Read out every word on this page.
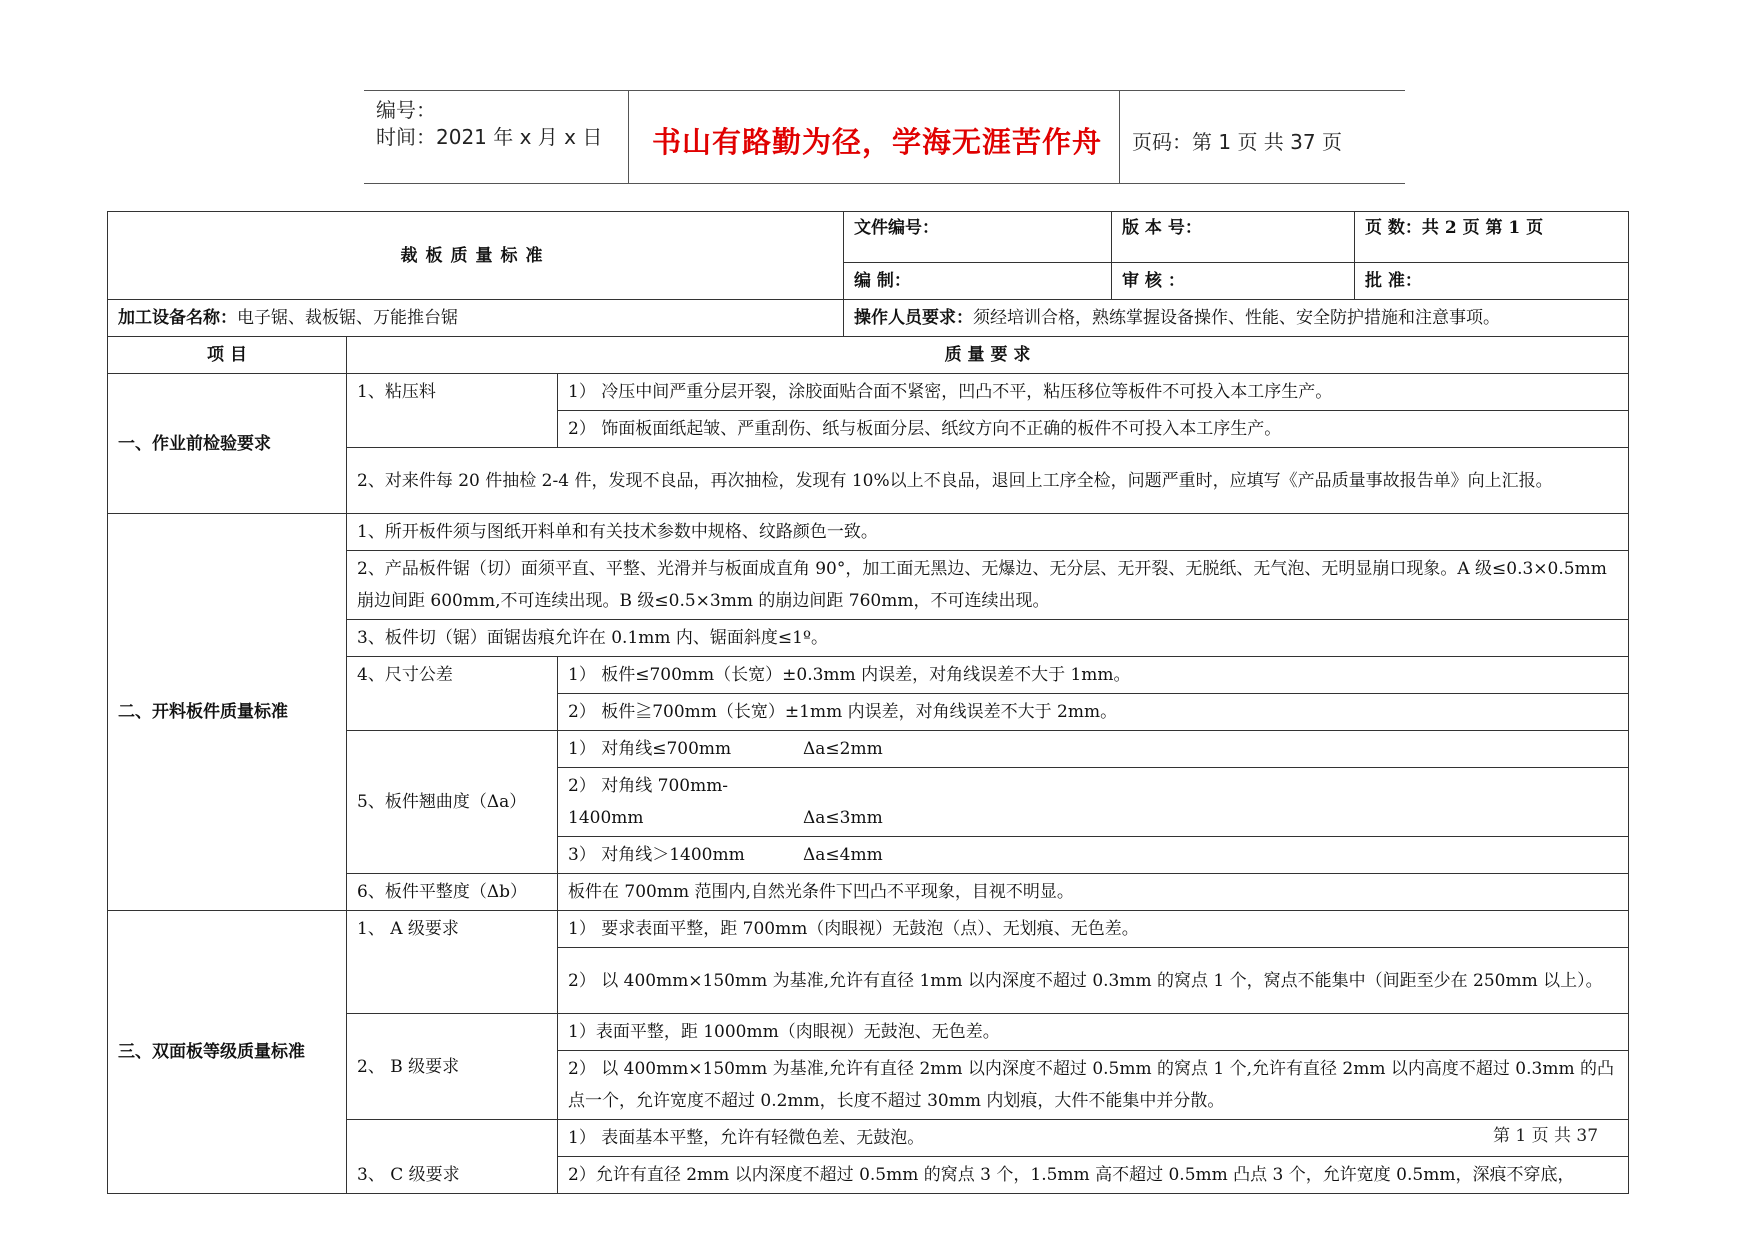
编号：
时间：2021 年 x 月 x 日 书山有路勤为径，学海无涯苦作舟 页码：第 1 页 共 37 页
裁板质量标准			文件编号：	版 本 号：	页 数：共 2 页 第 1 页
			编 制：	审 核 ：	批 准：
加工设备名称：电子锯、裁板锯、万能推台锯			操作人员要求：须经培训合格，熟练掌握设备操作、性能、安全防护措施和注意事项。		
项 目	质 量 要 求				
一、作业前检验要求	1、粘压料	1） 冷压中间严重分层开裂，涂胶面贴合面不紧密，凹凸不平，粘压移位等板件不可投入本工序生产。			
		2） 饰面板面纸起皱、严重刮伤、纸与板面分层、纸纹方向不正确的板件不可投入本工序生产。			
	2、对来件每 20 件抽检 2-4 件，发现不良品，再次抽检，发现有 10%以上不良品，退回上工序全检，问题严重时，应填写《产品质量事故报告单》向上汇报。				
二、开料板件质量标准	1、所开板件须与图纸开料单和有关技术参数中规格、纹路颜色一致。				
	2、产品板件锯（切）面须平直、平整、光滑并与板面成直角 90°，加工面无黑边、无爆边、无分层、无开裂、无脱纸、无气泡、无明显崩口现象。A 级≤0.3×0.5mm 崩边间距 600mm,不可连续出现。B 级≤0.5×3mm 的崩边间距 760mm，不可连续出现。				
	3、板件切（锯）面锯齿痕允许在 0.1mm 内、锯面斜度≤1º。				
	4、尺寸公差	1） 板件≤700mm（长宽）±0.3mm 内误差，对角线误差不大于 1mm。			
		2） 板件≧700mm（长宽）±1mm 内误差，对角线误差不大于 2mm。			
	5、板件翘曲度（Δa）	1） 对角线≤700mm Δa≤2mm			
		2） 对角线 700mm-1400mm Δa≤3mm			
		3） 对角线＞1400mm Δa≤4mm			
	6、板件平整度（Δb）	板件在 700mm 范围内,自然光条件下凹凸不平现象，目视不明显。			

三、双面板等级质量标准	1、 A 级要求	1） 要求表面平整，距 700mm（肉眼视）无鼓泡（点）、无划痕、无色差。			
		2） 以 400mm×150mm 为基准,允许有直径 1mm 以内深度不超过 0.3mm 的窝点 1 个，窝点不能集中（间距至少在 250mm 以上）。			
	2、 B 级要求	1）表面平整，距 1000mm（肉眼视）无鼓泡、无色差。			
		2） 以 400mm×150mm 为基准,允许有直径 2mm 以内深度不超过 0.5mm 的窝点 1 个,允许有直径 2mm 以内高度不超过 0.3mm 的凸点一个，允许宽度不超过 0.2mm，长度不超过 30mm 内划痕，大件不能集中并分散。			
	3、 C 级要求	1） 表面基本平整，允许有轻微色差、无鼓泡。			
		2）允许有直径 2mm 以内深度不超过 0.5mm 的窝点 3 个，1.5mm 高不超过 0.5mm 凸点 3 个，允许宽度 0.5mm，深痕不穿底，			
第 1 页 共 37
